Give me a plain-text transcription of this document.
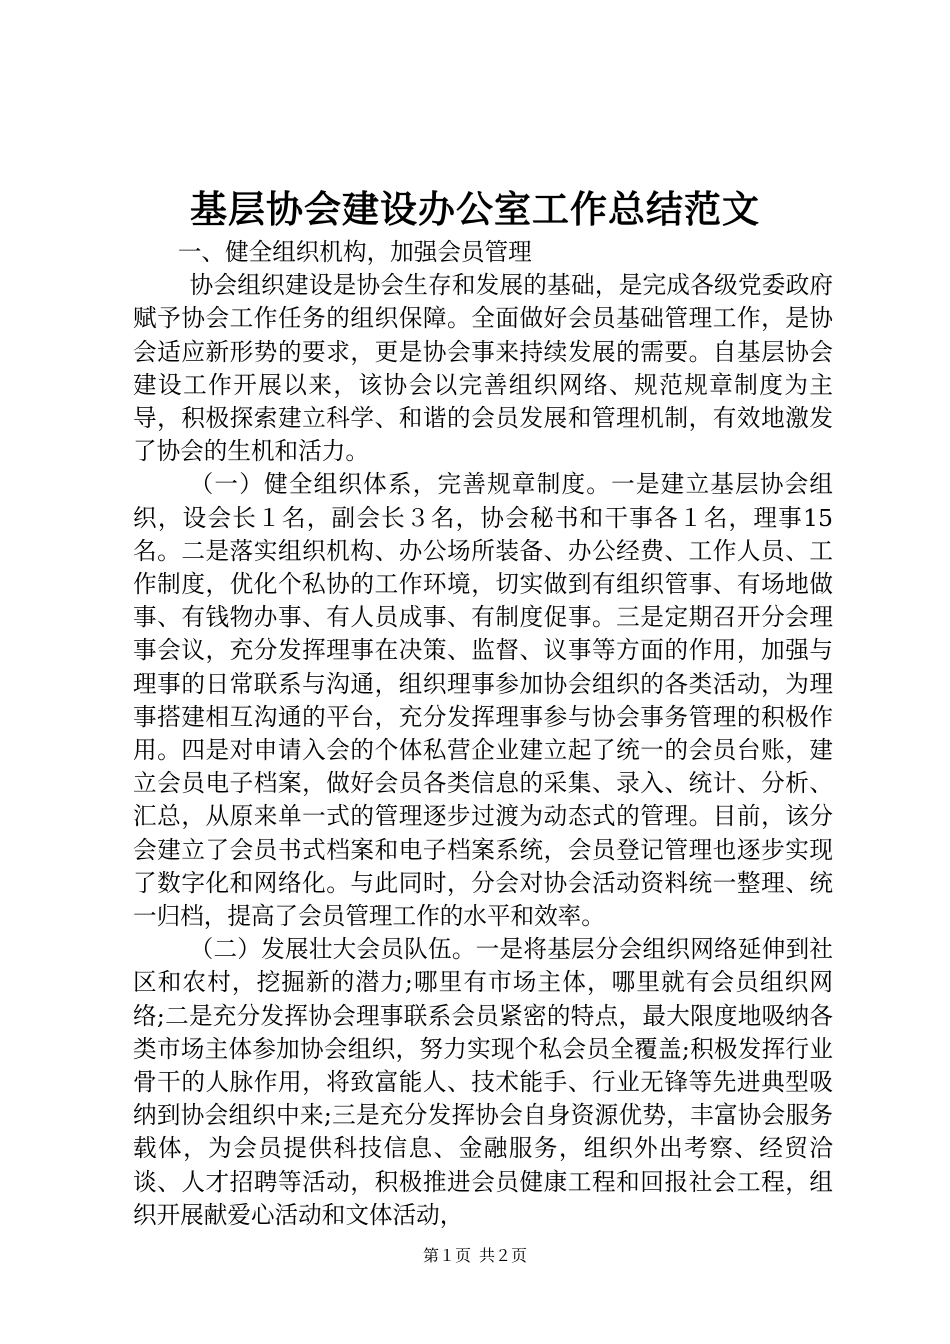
基层协会建设办公室工作总结范文

一、健全组织机构，加强会员管理

协会组织建设是协会生存和发展的基础，是完成各级党委政府赋予协会工作任务的组织保障。全面做好会员基础管理工作，是协会适应新形势的要求，更是协会事来持续发展的需要。自基层协会建设工作开展以来，该协会以完善组织网络、规范规章制度为主导，积极探索建立科学、和谐的会员发展和管理机制，有效地激发了协会的生机和活力。

（一）健全组织体系，完善规章制度。一是建立基层协会组织，设会长１名，副会长３名，协会秘书和干事各１名，理事15名。二是落实组织机构、办公场所装备、办公经费、工作人员、工作制度，优化个私协的工作环境，切实做到有组织管事、有场地做事、有钱物办事、有人员成事、有制度促事。三是定期召开分会理事会议，充分发挥理事在决策、监督、议事等方面的作用，加强与理事的日常联系与沟通，组织理事参加协会组织的各类活动，为理事搭建相互沟通的平台，充分发挥理事参与协会事务管理的积极作用。四是对申请入会的个体私营企业建立起了统一的会员台账，建立会员电子档案，做好会员各类信息的采集、录入、统计、分析、汇总，从原来单一式的管理逐步过渡为动态式的管理。目前，该分会建立了会员书式档案和电子档案系统，会员登记管理也逐步实现了数字化和网络化。与此同时，分会对协会活动资料统一整理、统一归档，提高了会员管理工作的水平和效率。

（二）发展壮大会员队伍。一是将基层分会组织网络延伸到社区和农村，挖掘新的潜力;哪里有市场主体，哪里就有会员组织网络;二是充分发挥协会理事联系会员紧密的特点，最大限度地吸纳各类市场主体参加协会组织，努力实现个私会员全覆盖;积极发挥行业骨干的人脉作用，将致富能人、技术能手、行业无锋等先进典型吸纳到协会组织中来;三是充分发挥协会自身资源优势，丰富协会服务载体，为会员提供科技信息、金融服务，组织外出考察、经贸洽谈、人才招聘等活动，积极推进会员健康工程和回报社会工程，组织开展献爱心活动和文体活动，

第１页 共２页
